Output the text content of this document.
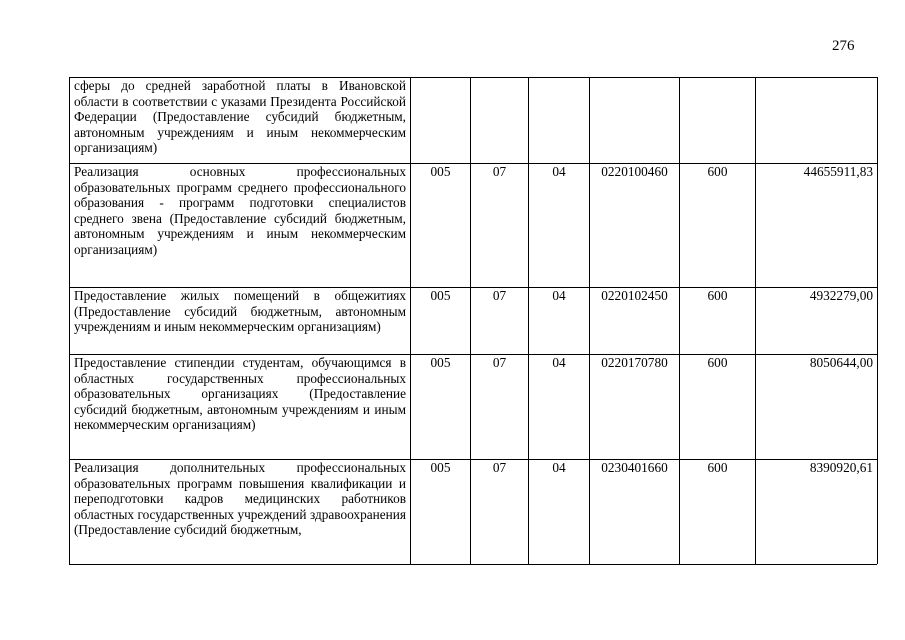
276
сферы до средней заработной платы в Ивановской области в соответствии с указами Президента Российской Федерации (Предоставление субсидий бюджетным, автономным учреждениям и иным некоммерческим организациям)						
Реализация основных профессиональных образовательных программ среднего профессионального образования - программ подготовки специалистов среднего звена (Предоставление субсидий бюджетным, автономным учреждениям и иным некоммерческим организациям)	005	07	04	0220100460	600	44655911,83
Предоставление жилых помещений в общежитиях (Предоставление субсидий бюджетным, автономным учреждениям и иным некоммерческим организациям)	005	07	04	0220102450	600	4932279,00
Предоставление стипендии студентам, обучающимся в областных государственных профессиональных образовательных организациях (Предоставление субсидий бюджетным, автономным учреждениям и иным некоммерческим организациям)	005	07	04	0220170780	600	8050644,00
Реализация дополнительных профессиональных образовательных программ повышения квалификации и переподготовки кадров медицинских работников областных государственных учреждений здравоохранения (Предоставление субсидий бюджетным,	005	07	04	0230401660	600	8390920,61
